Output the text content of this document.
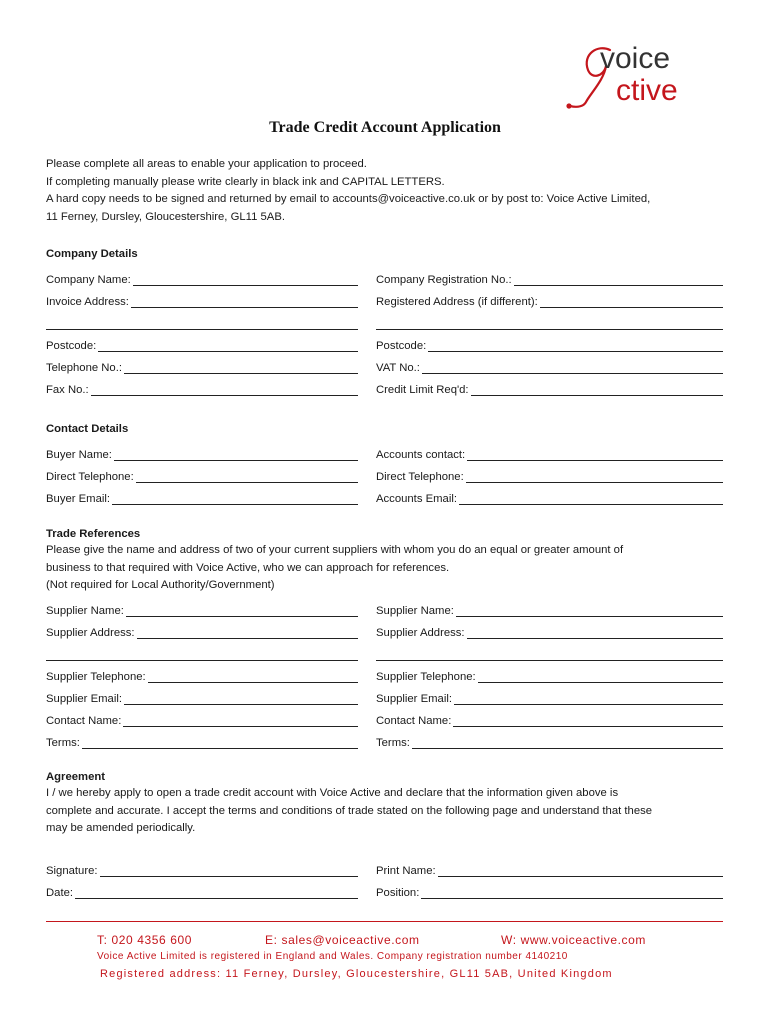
voice
ctive
Trade Credit Account Application
Please complete all areas to enable your application to proceed.
If completing manually please write clearly in black ink and CAPITAL LETTERS.
A hard copy needs to be signed and returned by email to accounts@voiceactive.co.uk or by post to: Voice Active Limited,
11 Ferney, Dursley, Gloucestershire, GL11 5AB.
Company Details
Company Name:	Company Registration No.:
Invoice Address:	Registered Address (if different):
Postcode:	Postcode:
Telephone No.:	VAT No.:
Fax No.:	Credit Limit Req'd:
Contact Details
Buyer Name:	Accounts contact:
Direct Telephone:	Direct Telephone:
Buyer Email:	Accounts Email:
Trade References
Please give the name and address of two of your current suppliers with whom you do an equal or greater amount of
business to that required with Voice Active, who we can approach for references.
(Not required for Local Authority/Government)
Supplier Name:	Supplier Name:
Supplier Address:	Supplier Address:
Supplier Telephone:	Supplier Telephone:
Supplier Email:	Supplier Email:
Contact Name:	Contact Name:
Terms:	Terms:
Agreement
I / we hereby apply to open a trade credit account with Voice Active and declare that the information given above is
complete and accurate. I accept the terms and conditions of trade stated on the following page and understand that these
may be amended periodically.
Signature:	Print Name:
Date:	Position:
T: 020 4356 600	E: sales@voiceactive.com	W: www.voiceactive.com
Voice Active Limited is registered in England and Wales. Company registration number 4140210
Registered address: 11 Ferney, Dursley, Gloucestershire, GL11 5AB, United Kingdom
